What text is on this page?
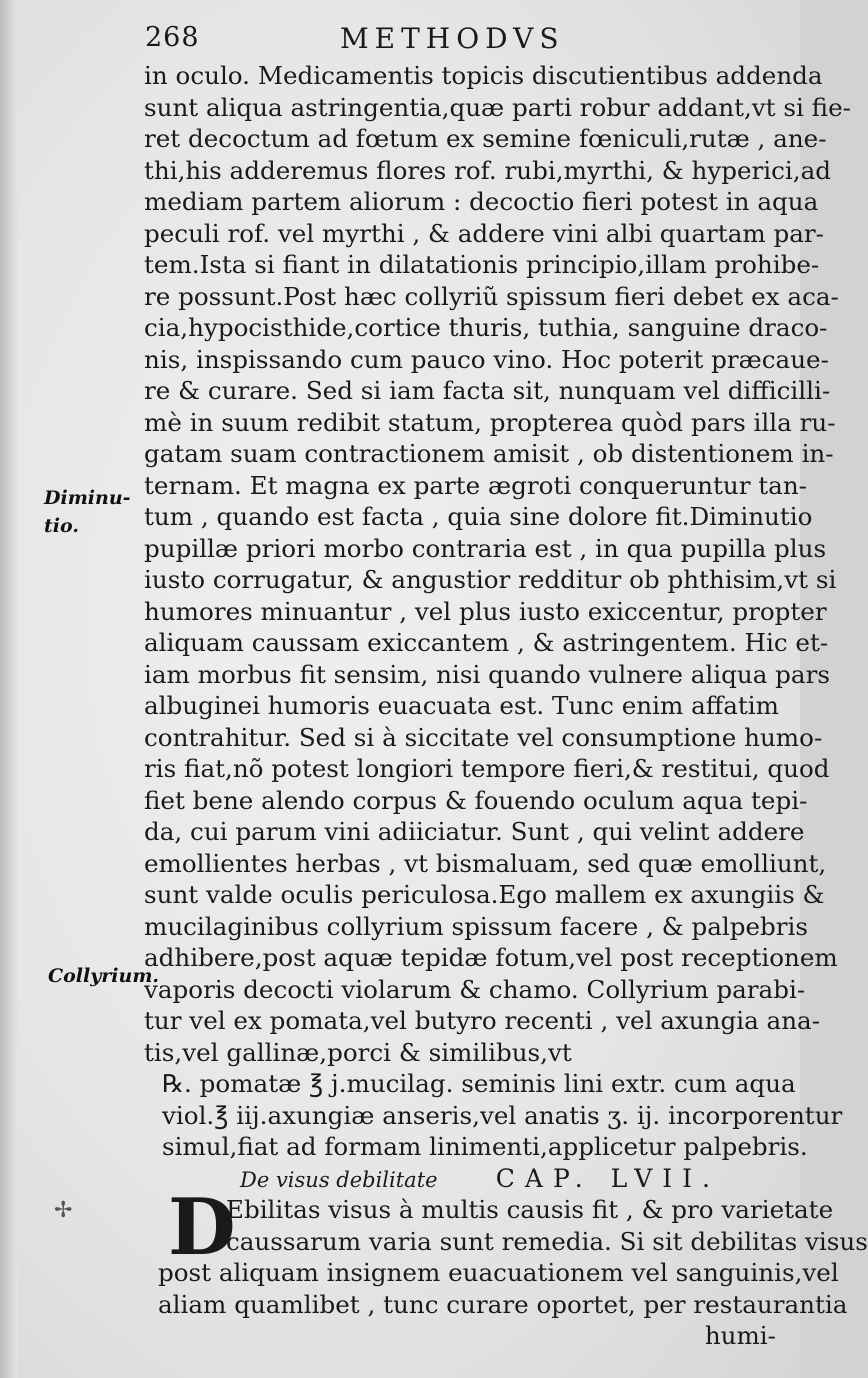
268	METHODVS
Diminu-
tio.
Collyrium.
✢
in oculo. Medicamentis topicis discutientibus addenda
sunt aliqua astringentia,quæ parti robur addant,vt si fie-
ret decoctum ad fœtum ex semine fœniculi,rutæ , ane-
thi,his adderemus flores rof. rubi,myrthi, & hyperici,ad
mediam partem aliorum : decoctio fieri potest in aqua
peculi rof. vel myrthi , & addere vini albi quartam par-
tem.Ista si fiant in dilatationis principio,illam prohibe-
re possunt.Post hæc collyriũ spissum fieri debet ex aca-
cia,hypocisthide,cortice thuris, tuthia, sanguine draco-
nis, inspissando cum pauco vino. Hoc poterit præcaue-
re & curare. Sed si iam facta sit, nunquam vel difficilli-
mè in suum redibit statum, propterea quòd pars illa ru-
gatam suam contractionem amisit , ob distentionem in-
ternam. Et magna ex parte ægroti conqueruntur tan-
tum , quando est facta , quia sine dolore fit.Diminutio
pupillæ priori morbo contraria est , in qua pupilla plus
iusto corrugatur, & angustior redditur ob phthisim,vt si
humores minuantur , vel plus iusto exiccentur, propter
aliquam caussam exiccantem , & astringentem. Hic et-
iam morbus fit sensim, nisi quando vulnere aliqua pars
albuginei humoris euacuata est. Tunc enim affatim
contrahitur. Sed si à siccitate vel consumptione humo-
ris fiat,nõ potest longiori tempore fieri,& restitui, quod
fiet bene alendo corpus & fouendo oculum aqua tepi-
da, cui parum vini adiiciatur. Sunt , qui velint addere
emollientes herbas , vt bismaluam, sed quæ emolliunt,
sunt valde oculis periculosa.Ego mallem ex axungiis &
mucilaginibus collyrium spissum facere , & palpebris
adhibere,post aquæ tepidæ fotum,vel post receptionem
vaporis decocti violarum & chamo. Collyrium parabi-
tur vel ex pomata,vel butyro recenti , vel axungia ana-
tis,vel gallinæ,porci & similibus,vt
℞. pomatæ ℥ j.mucilag. seminis lini extr. cum aqua
viol.℥ iij.axungiæ anseris,vel anatis ʒ. ij. incorporentur
simul,fiat ad formam linimenti,applicetur palpebris.
De visus debilitate CAP. LVII.
D
Ebilitas visus à multis causis fit , & pro varietate
caussarum varia sunt remedia. Si sit debilitas visus
post aliquam insignem euacuationem vel sanguinis,vel
aliam quamlibet , tunc curare oportet, per restaurantia
humi-
